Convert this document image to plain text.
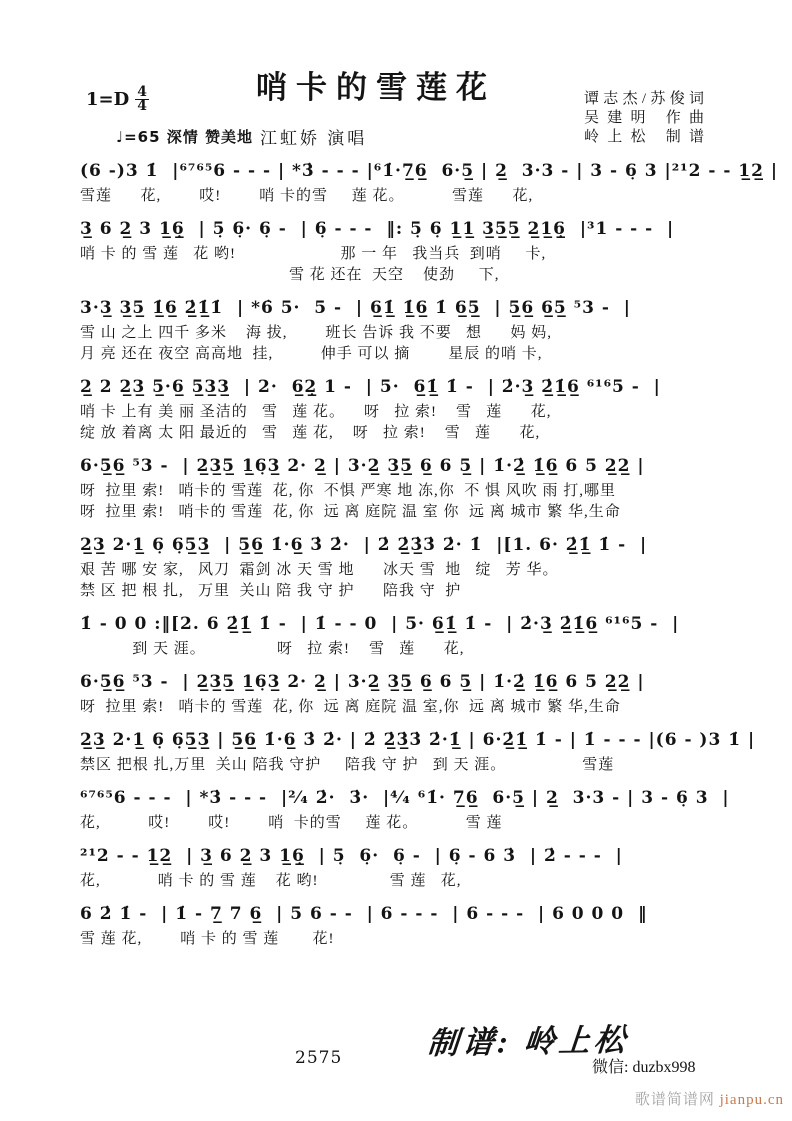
$1=D \frac{4}{4}$	哨卡的雪莲花	谭志杰/苏俊词
吴建明 作曲
岭上松 制谱
♩=65 深情 赞美地 江虹娇 演唱
(6 -)3 1̇  |⁶⁷⁶⁵6 - - - | *3̇ - - - |⁶1̇·7̲6̲  6·5̲ | 2̲  3·3 - | 3 - 6̣ 3 |²¹2 - - 1̲2̲ |
雪莲      花,        哎!        哨 卡的雪     莲 花。          雪莲      花,
3̲ 6 2̲ 3 1̲6̲̣  | 5̣ 6̣· 6̣ -  | 6̣ - - -  ‖: 5̣ 6̣ 1̲1̲ 3̲5̲5̲ 2̲1̲6̲̣  |³1 - - -  |
哨 卡 的 雪 莲   花 哟!                      那 一 年   我当兵  到哨     卡,
雪 花 还在  天空    使劲     下,
3·3̲ 3̲5̲ 1̲̇6̲ 2̲̇1̲̇1̇  | *6̇ 5·  5 -  | 6̲1̲̇ 1̲̇6̲ 1̇ 6̲5̲  | 5̲6̲ 6̲5̲ ⁵3 -  |
雪 山 之上 四千 多米    海 拔,        班长 告诉 我 不要   想      妈 妈,
月 亮 还在 夜空 高高地  挂,          伸手 可以 摘        星辰 的哨 卡,
2̲ 2 2̲3̲ 5̲·6̲ 5̲3̲3̲  | 2·  6̲2̲̣ 1 -  | 5·  6̲1̲̇ 1̇ -  | 2̇·3̲ 2̲̇1̲̇6̲ ⁶¹⁶5 -  |
哨 卡 上有 美 丽 圣洁的   雪   莲 花。    呀   拉 索!    雪   莲      花,
绽 放 着离 太 阳 最近的   雪   莲 花,    呀   拉 索!    雪   莲      花,
6·5̲6̲ ⁵3 -  | 2̲3̲5̲ 1̲6̣3̲ 2· 2̲ | 3·2̲ 3̲5̲ 6̲ 6 5̲ | 1̇·2̲̇ 1̲̇6̲ 6 5 2̲2̲ |
呀  拉里 索!   哨卡的 雪莲  花, 你  不惧 严寒 地 冻,你  不 惧 风吹 雨 打,哪里
呀  拉里 索!   哨卡的 雪莲  花, 你  远 离 庭院 温 室 你  远 离 城市 繁 华,生命
2̲3̲ 2·1̲ 6̣ 6̣5̲3̲  | 5̲6̲ 1̇·6̲ 3̇ 2̇·  | 2̇ 2̲̇3̲̇3̇ 2̇· 1̇  |[1. 6· 2̲̇1̲̇ 1̇ -  |
艰 苦 哪 安 家,   风刀  霜剑 冰 天 雪 地      冰天 雪  地   绽   芳 华。
禁 区 把 根 扎,   万里  关山 陪 我 守 护      陪我 守  护
1̇ - 0 0 :‖[2. 6 2̲̇1̲̇ 1̇ -  | 1̇ - - 0  | 5· 6̲1̲̇ 1̇ -  | 2̇·3̲ 2̲̇1̲̇6̲ ⁶¹⁶5 -  |
到 天 涯。               呀   拉 索!    雪   莲      花,
6·5̲6̲ ⁵3 -  | 2̲3̲5̲ 1̲6̣3̲ 2· 2̲ | 3·2̲ 3̲5̲ 6̲ 6 5̲ | 1̇·2̲̇ 1̲̇6̲ 6 5 2̲2̲ |
呀  拉里 索!   哨卡的 雪莲  花, 你  远 离 庭院 温 室,你  远 离 城市 繁 华,生命
2̲3̲ 2·1̲ 6̣ 6̣5̲3̲ | 5̲6̲ 1̇·6̲ 3̇ 2̇· | 2̇ 2̲̇3̲̇3̇ 2̇·1̲̇ | 6·2̲̇1̲̇ 1̇ - | 1̇ - - - |(6 - )3 1̇ |
禁区 把根 扎,万里  关山 陪我 守护     陪我 守 护   到 天 涯。                雪莲
⁶⁷⁶⁵6 - - -  | *3̇ - - -  |²⁄₄ 2̇·  3̇·  |⁴⁄₄ ⁶1̇· 7̲6̲  6·5̲ | 2̲  3·3 - | 3 - 6̣ 3  |
花,          哎!        哎!        哨  卡的雪     莲 花。          雪 莲
²¹2 - - 1̲2̲  | 3̲ 6 2̲ 3 1̲6̲̣  | 5̣  6̣·  6̣ -  | 6̣ - 6 3̇  | 2̇ - - -  |
花,            哨 卡 的 雪 莲    花 哟!               雪 莲   花,
6 2̇ 1̇ -  | 1̇ - 7̲ 7 6̲  | 5 6 - -  | 6 - - -  | 6 - - -  | 6 0 0 0  ‖
雪 莲 花,        哨 卡 的 雪 莲       花!
制谱: 岭上松
2575	微信: duzbx998
歌谱简谱网 jianpu.cn
